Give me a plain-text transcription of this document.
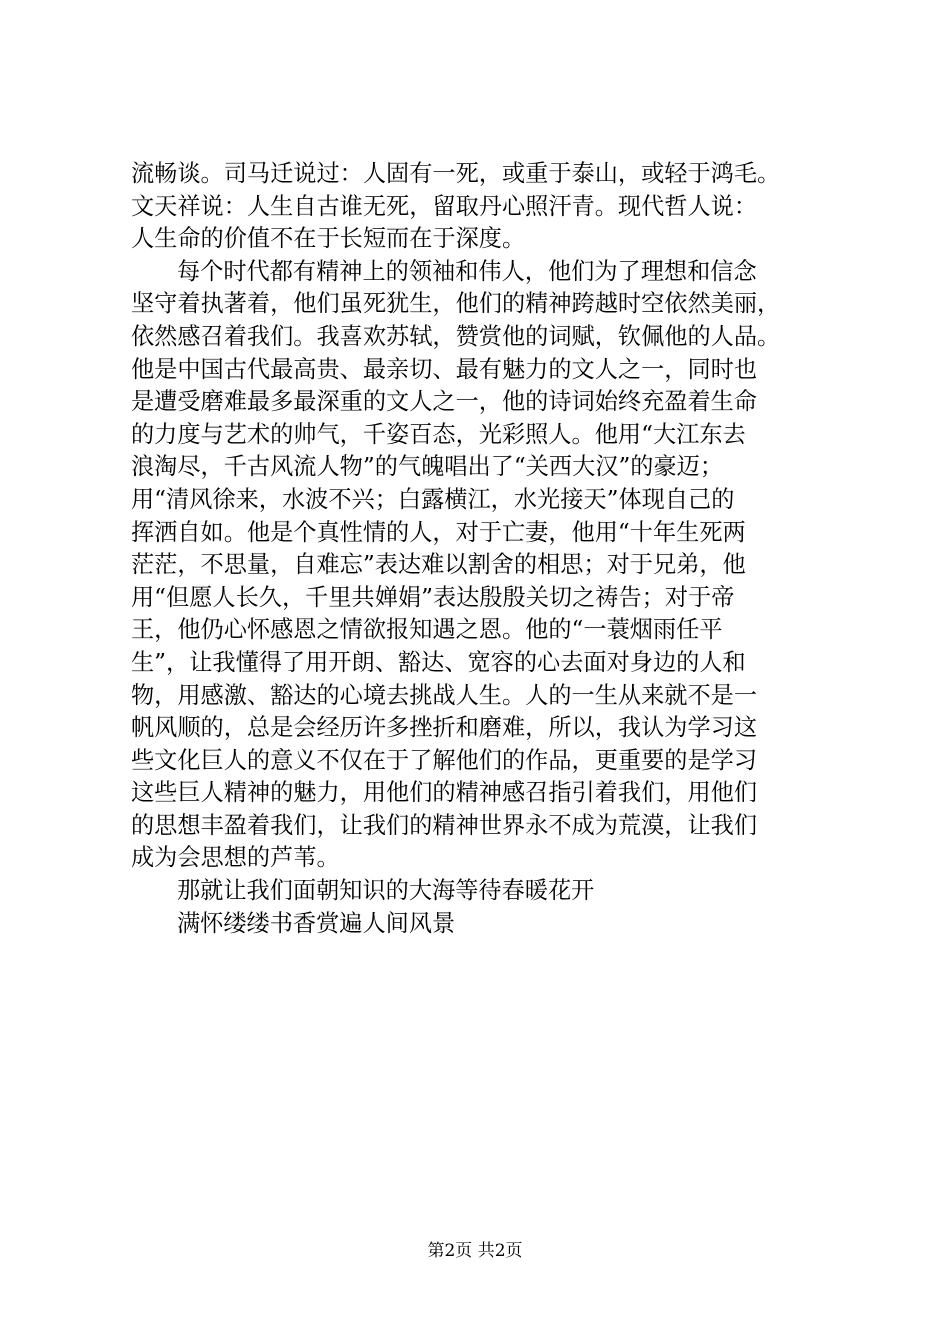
流畅谈。司马迁说过：人固有一死，或重于泰山，或轻于鸿毛。
文天祥说：人生自古谁无死，留取丹心照汗青。现代哲人说：
人生命的价值不在于长短而在于深度。
每个时代都有精神上的领袖和伟人，他们为了理想和信念
坚守着执著着，他们虽死犹生，他们的精神跨越时空依然美丽，
依然感召着我们。我喜欢苏轼，赞赏他的词赋，钦佩他的人品。
他是中国古代最高贵、最亲切、最有魅力的文人之一，同时也
是遭受磨难最多最深重的文人之一，他的诗词始终充盈着生命
的力度与艺术的帅气，千姿百态，光彩照人。他用“大江东去
浪淘尽，千古风流人物”的气魄唱出了“关西大汉”的豪迈；
用“清风徐来，水波不兴；白露横江，水光接天”体现自己的
挥洒自如。他是个真性情的人，对于亡妻，他用“十年生死两
茫茫，不思量，自难忘”表达难以割舍的相思；对于兄弟，他
用“但愿人长久，千里共婵娟”表达殷殷关切之祷告；对于帝
王，他仍心怀感恩之情欲报知遇之恩。他的“一蓑烟雨任平
生”，让我懂得了用开朗、豁达、宽容的心去面对身边的人和
物，用感激、豁达的心境去挑战人生。人的一生从来就不是一
帆风顺的，总是会经历许多挫折和磨难，所以，我认为学习这
些文化巨人的意义不仅在于了解他们的作品，更重要的是学习
这些巨人精神的魅力，用他们的精神感召指引着我们，用他们
的思想丰盈着我们，让我们的精神世界永不成为荒漠，让我们
成为会思想的芦苇。
那就让我们面朝知识的大海等待春暖花开
满怀缕缕书香赏遍人间风景
第2页 共2页
